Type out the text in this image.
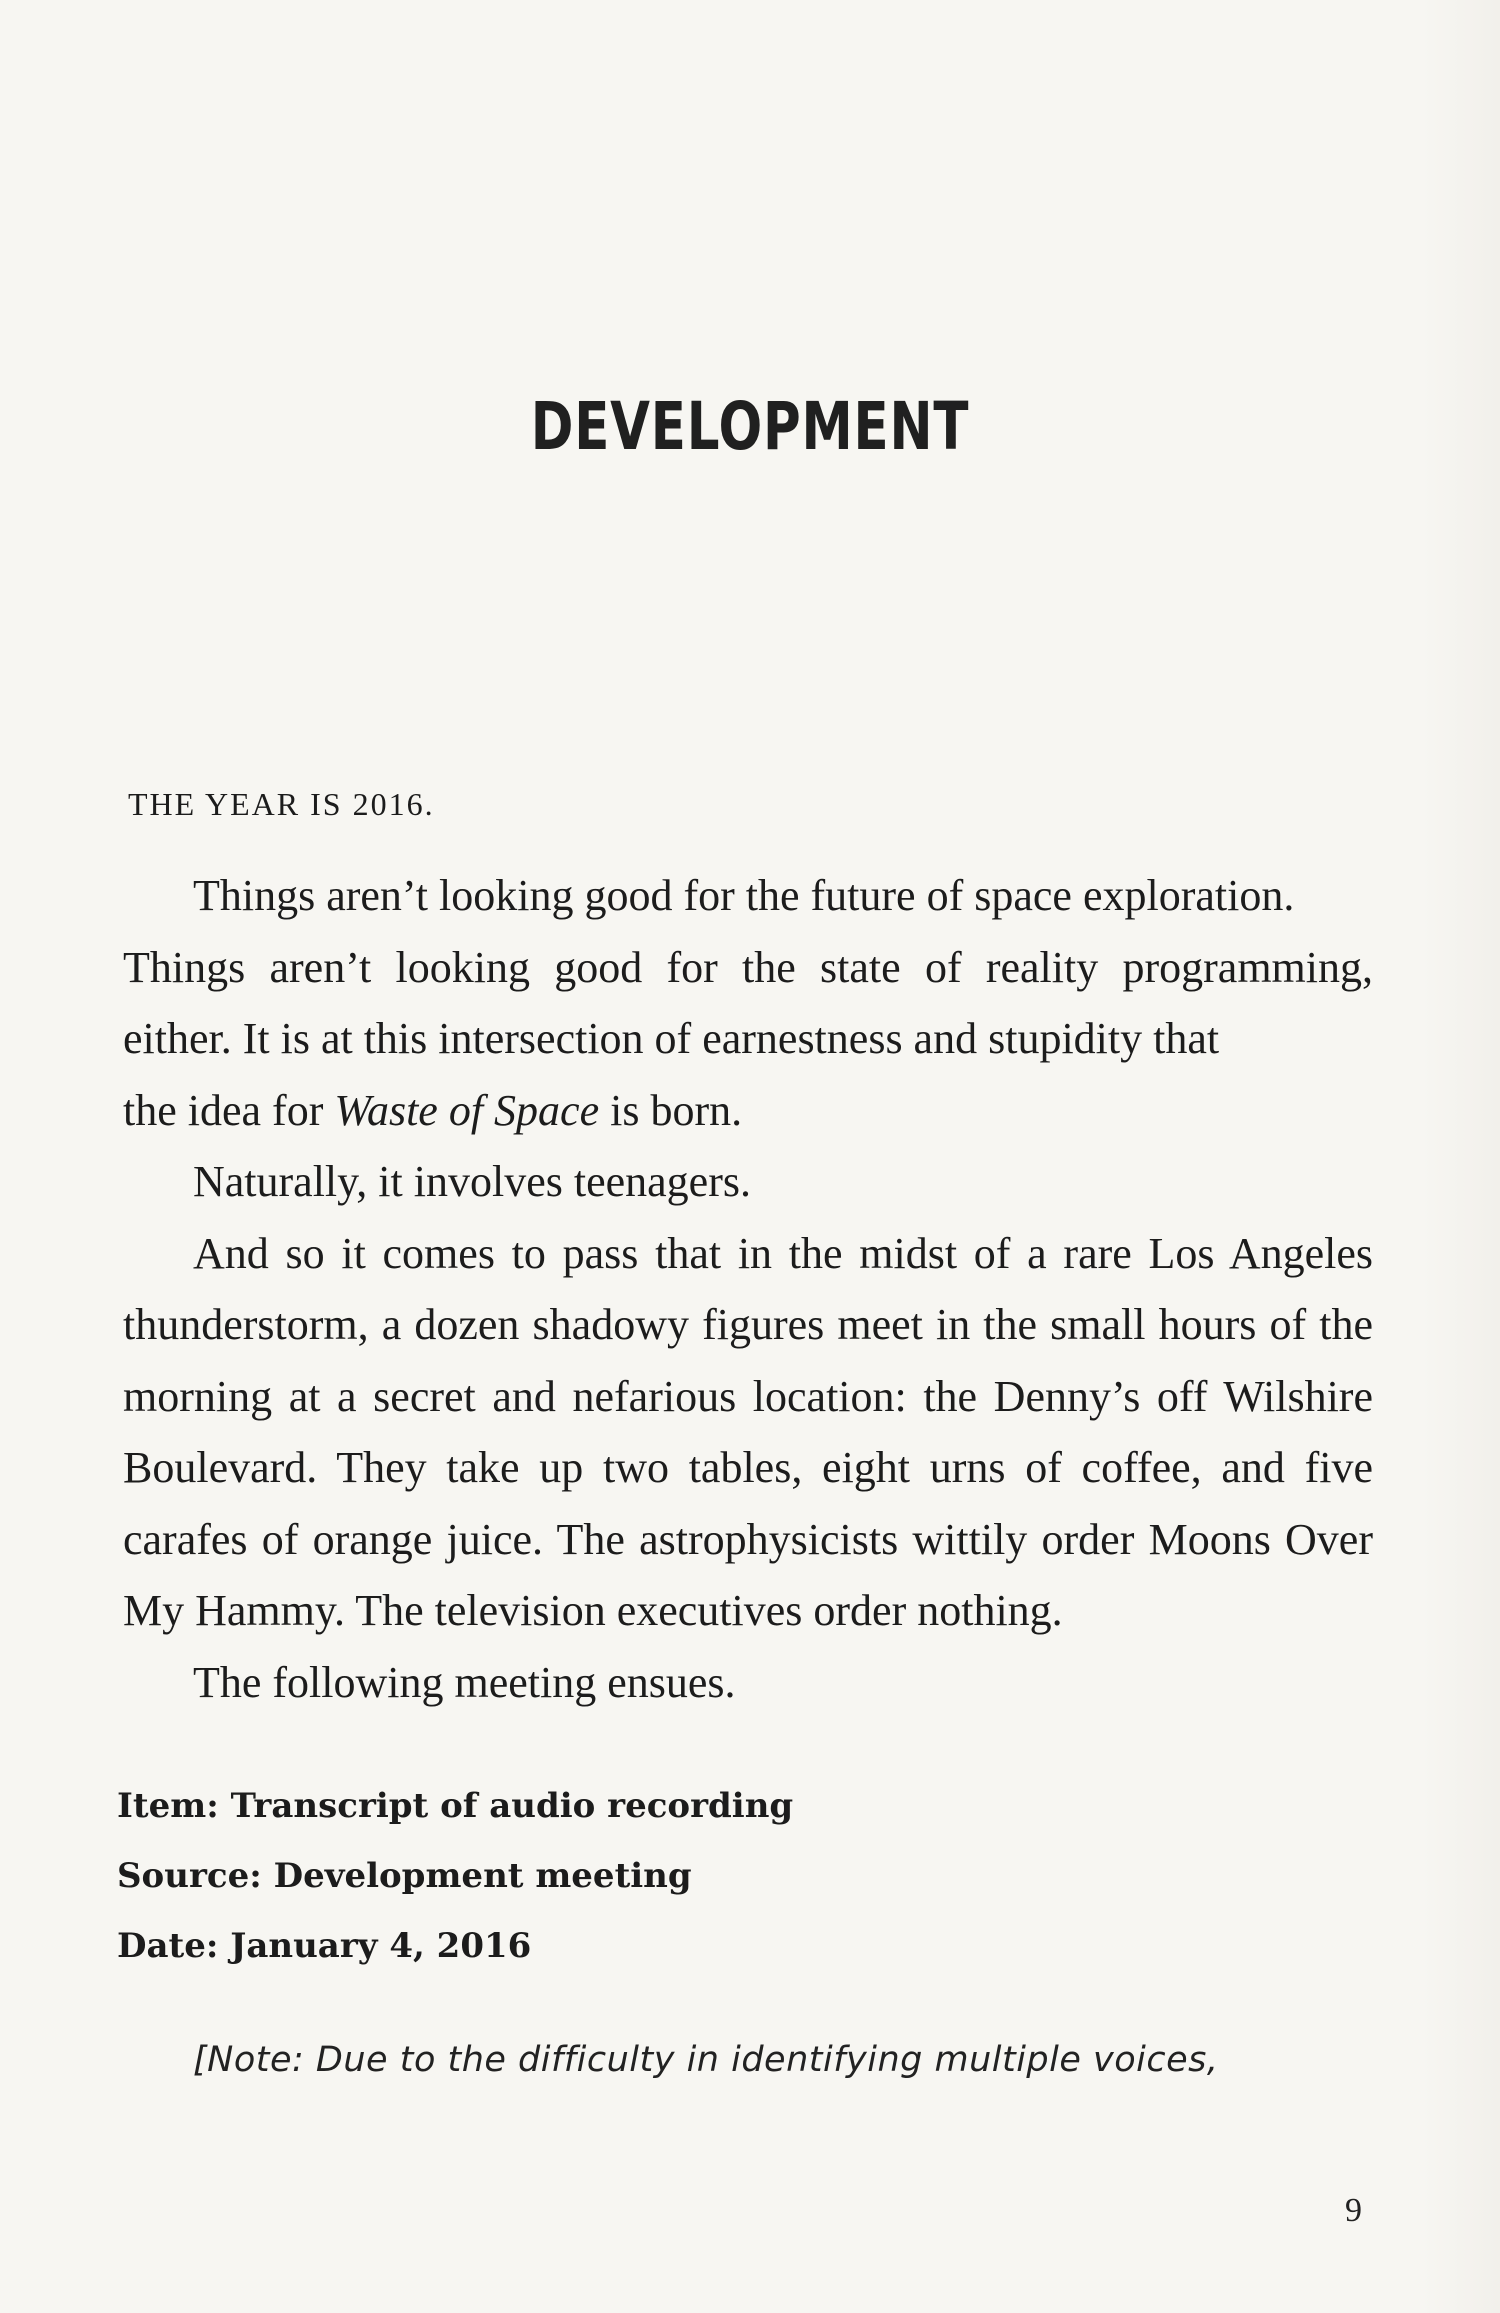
DEVELOPMENT
THE YEAR IS 2016.

Things aren’t looking good for the future of space exploration.

Things aren’t looking good for the state of reality programming, either. It is at this intersection of earnestness and stupidity that
the idea for Waste of Space is born.

Naturally, it involves teenagers.

And so it comes to pass that in the midst of a rare Los Angeles thunderstorm, a dozen shadowy figures meet in the small hours of the morning at a secret and nefarious location: the Denny’s off Wilshire Boulevard. They take up two tables, eight urns of coffee, and five carafes of orange juice. The astrophysicists wittily order Moons Over My Hammy. The television executives order nothing.

The following meeting ensues.

Item: Transcript of audio recording
Source: Development meeting
Date: January 4, 2016
[Note: Due to the difficulty in identifying multiple voices,
9
